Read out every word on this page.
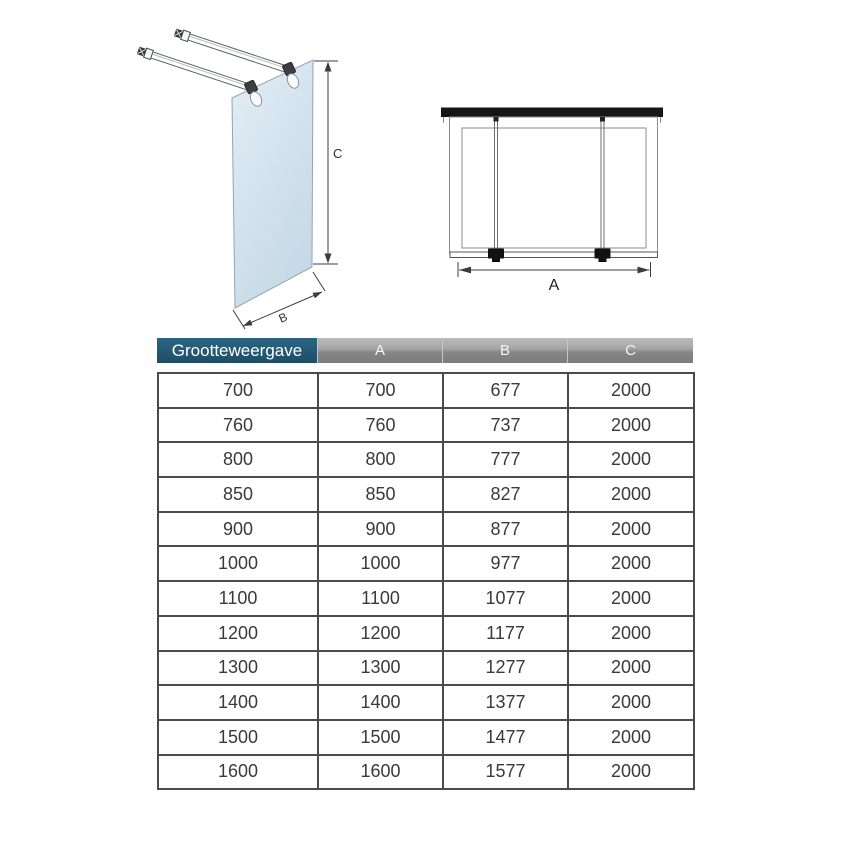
C
B
A
Grootteweergave	A	B	C
700	700	677	2000
760	760	737	2000
800	800	777	2000
850	850	827	2000
900	900	877	2000
1000	1000	977	2000
1100	1100	1077	2000
1200	1200	1177	2000
1300	1300	1277	2000
1400	1400	1377	2000
1500	1500	1477	2000
1600	1600	1577	2000
